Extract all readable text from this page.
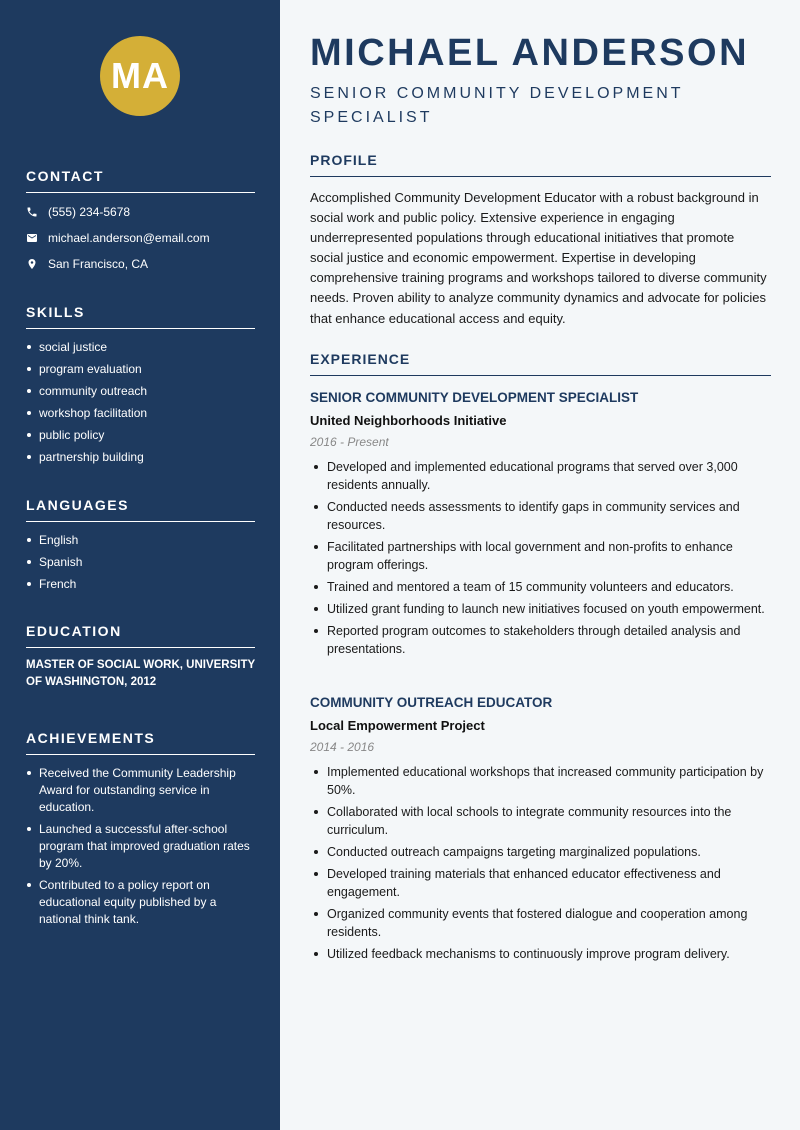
MA
CONTACT
(555) 234-5678
michael.anderson@email.com
San Francisco, CA
SKILLS
social justice
program evaluation
community outreach
workshop facilitation
public policy
partnership building
LANGUAGES
English
Spanish
French
EDUCATION

MASTER OF SOCIAL WORK, UNIVERSITY OF WASHINGTON, 2012

ACHIEVEMENTS
Received the Community Leadership Award for outstanding service in education.
Launched a successful after-school program that improved graduation rates by 20%.
Contributed to a policy report on educational equity published by a national think tank.
MICHAEL ANDERSON
SENIOR COMMUNITY DEVELOPMENT SPECIALIST
PROFILE

Accomplished Community Development Educator with a robust background in social work and public policy. Extensive experience in engaging underrepresented populations through educational initiatives that promote social justice and economic empowerment. Expertise in developing comprehensive training programs and workshops tailored to diverse community needs. Proven ability to analyze community dynamics and advocate for policies that enhance educational access and equity.

EXPERIENCE
SENIOR COMMUNITY DEVELOPMENT SPECIALIST
United Neighborhoods Initiative
2016 - Present
Developed and implemented educational programs that served over 3,000 residents annually.
Conducted needs assessments to identify gaps in community services and resources.
Facilitated partnerships with local government and non-profits to enhance program offerings.
Trained and mentored a team of 15 community volunteers and educators.
Utilized grant funding to launch new initiatives focused on youth empowerment.
Reported program outcomes to stakeholders through detailed analysis and presentations.
COMMUNITY OUTREACH EDUCATOR
Local Empowerment Project
2014 - 2016
Implemented educational workshops that increased community participation by 50%.
Collaborated with local schools to integrate community resources into the curriculum.
Conducted outreach campaigns targeting marginalized populations.
Developed training materials that enhanced educator effectiveness and engagement.
Organized community events that fostered dialogue and cooperation among residents.
Utilized feedback mechanisms to continuously improve program delivery.
